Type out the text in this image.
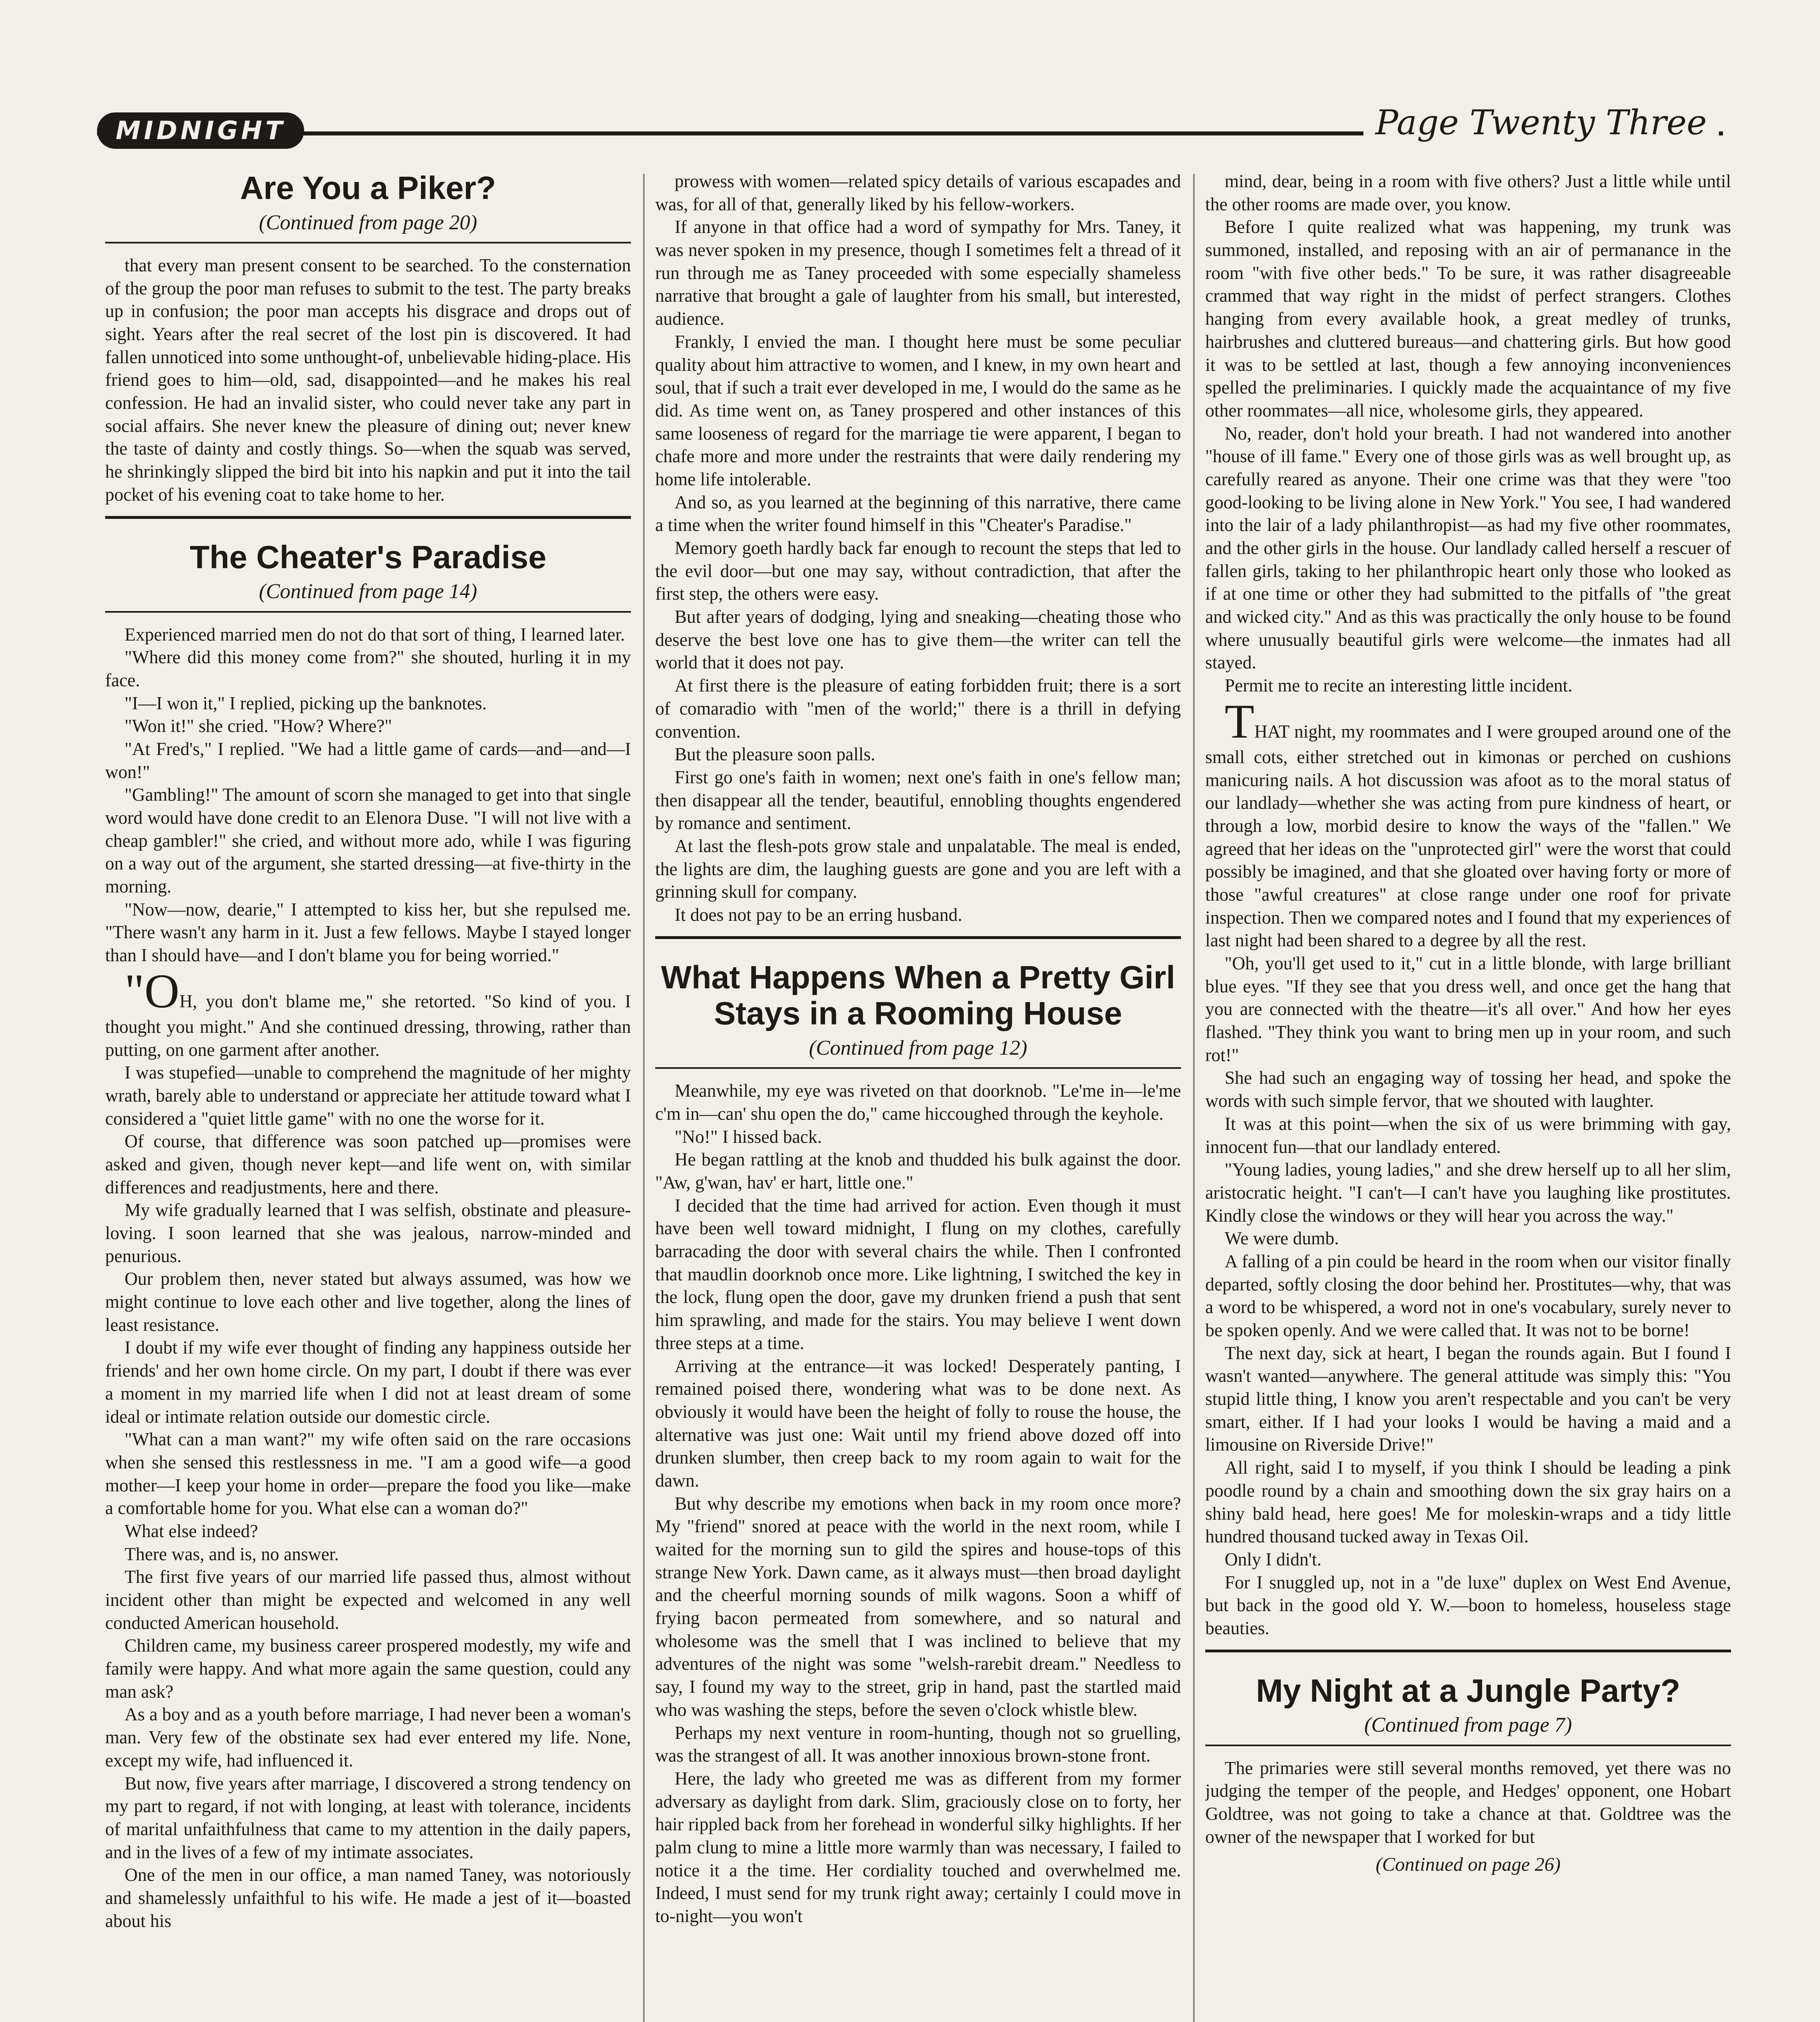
MIDNIGHT	Page Twenty Three
Are You a Piker?
(Continued from page 20)

that every man present consent to be searched. To the consternation of the group the poor man refuses to submit to the test. The party breaks up in confusion; the poor man accepts his disgrace and drops out of sight. Years after the real secret of the lost pin is discovered. It had fallen unnoticed into some unthought-of, unbelievable hiding-place. His friend goes to him—old, sad, disappointed—and he makes his real confession. He had an invalid sister, who could never take any part in social affairs. She never knew the pleasure of dining out; never knew the taste of dainty and costly things. So—when the squab was served, he shrinkingly slipped the bird bit into his napkin and put it into the tail pocket of his evening coat to take home to her.

The Cheater's Paradise
(Continued from page 14)

Experienced married men do not do that sort of thing, I learned later.

"Where did this money come from?" she shouted, hurling it in my face.

"I—I won it," I replied, picking up the banknotes.

"Won it!" she cried. "How? Where?"

"At Fred's," I replied. "We had a little game of cards—and—and—I won!"

"Gambling!" The amount of scorn she managed to get into that single word would have done credit to an Elenora Duse. "I will not live with a cheap gambler!" she cried, and without more ado, while I was figuring on a way out of the argument, she started dressing—at five-thirty in the morning.

"Now—now, dearie," I attempted to kiss her, but she repulsed me. "There wasn't any harm in it. Just a few fellows. Maybe I stayed longer than I should have—and I don't blame you for being worried."

"OH, you don't blame me," she retorted. "So kind of you. I thought you might." And she continued dressing, throwing, rather than putting, on one garment after another.

I was stupefied—unable to comprehend the magnitude of her mighty wrath, barely able to understand or appreciate her attitude toward what I considered a "quiet little game" with no one the worse for it.

Of course, that difference was soon patched up—promises were asked and given, though never kept—and life went on, with similar differences and readjustments, here and there.

My wife gradually learned that I was selfish, obstinate and pleasure-loving. I soon learned that she was jealous, narrow-minded and penurious.

Our problem then, never stated but always assumed, was how we might continue to love each other and live together, along the lines of least resistance.

I doubt if my wife ever thought of finding any happiness outside her friends' and her own home circle. On my part, I doubt if there was ever a moment in my married life when I did not at least dream of some ideal or intimate relation outside our domestic circle.

"What can a man want?" my wife often said on the rare occasions when she sensed this restlessness in me. "I am a good wife—a good mother—I keep your home in order—prepare the food you like—make a comfortable home for you. What else can a woman do?"

What else indeed?

There was, and is, no answer.

The first five years of our married life passed thus, almost without incident other than might be expected and welcomed in any well conducted American household.

Children came, my business career prospered modestly, my wife and family were happy. And what more again the same question, could any man ask?

As a boy and as a youth before marriage, I had never been a woman's man. Very few of the obstinate sex had ever entered my life. None, except my wife, had influenced it.

But now, five years after marriage, I discovered a strong tendency on my part to regard, if not with longing, at least with tolerance, incidents of marital unfaithfulness that came to my attention in the daily papers, and in the lives of a few of my intimate associates.

One of the men in our office, a man named Taney, was notoriously and shamelessly unfaithful to his wife. He made a jest of it—boasted about his

prowess with women—related spicy details of various escapades and was, for all of that, generally liked by his fellow-workers.

If anyone in that office had a word of sympathy for Mrs. Taney, it was never spoken in my presence, though I sometimes felt a thread of it run through me as Taney proceeded with some especially shameless narrative that brought a gale of laughter from his small, but interested, audience.

Frankly, I envied the man. I thought here must be some peculiar quality about him attractive to women, and I knew, in my own heart and soul, that if such a trait ever developed in me, I would do the same as he did. As time went on, as Taney prospered and other instances of this same looseness of regard for the marriage tie were apparent, I began to chafe more and more under the restraints that were daily rendering my home life intolerable.

And so, as you learned at the beginning of this narrative, there came a time when the writer found himself in this "Cheater's Paradise."

Memory goeth hardly back far enough to recount the steps that led to the evil door—but one may say, without contradiction, that after the first step, the others were easy.

But after years of dodging, lying and sneaking—cheating those who deserve the best love one has to give them—the writer can tell the world that it does not pay.

At first there is the pleasure of eating forbidden fruit; there is a sort of comaradio with "men of the world;" there is a thrill in defying convention.

But the pleasure soon palls.

First go one's faith in women; next one's faith in one's fellow man; then disappear all the tender, beautiful, ennobling thoughts engendered by romance and sentiment.

At last the flesh-pots grow stale and unpalatable. The meal is ended, the lights are dim, the laughing guests are gone and you are left with a grinning skull for company.

It does not pay to be an erring husband.

What Happens When a Pretty Girl Stays in a Rooming House
(Continued from page 12)

Meanwhile, my eye was riveted on that doorknob. "Le'me in—le'me c'm in—can' shu open the do," came hiccoughed through the keyhole.

"No!" I hissed back.

He began rattling at the knob and thudded his bulk against the door. "Aw, g'wan, hav' er hart, little one."

I decided that the time had arrived for action. Even though it must have been well toward midnight, I flung on my clothes, carefully barracading the door with several chairs the while. Then I confronted that maudlin doorknob once more. Like lightning, I switched the key in the lock, flung open the door, gave my drunken friend a push that sent him sprawling, and made for the stairs. You may believe I went down three steps at a time.

Arriving at the entrance—it was locked! Desperately panting, I remained poised there, wondering what was to be done next. As obviously it would have been the height of folly to rouse the house, the alternative was just one: Wait until my friend above dozed off into drunken slumber, then creep back to my room again to wait for the dawn.

But why describe my emotions when back in my room once more? My "friend" snored at peace with the world in the next room, while I waited for the morning sun to gild the spires and house-tops of this strange New York. Dawn came, as it always must—then broad daylight and the cheerful morning sounds of milk wagons. Soon a whiff of frying bacon permeated from somewhere, and so natural and wholesome was the smell that I was inclined to believe that my adventures of the night was some "welsh-rarebit dream." Needless to say, I found my way to the street, grip in hand, past the startled maid who was washing the steps, before the seven o'clock whistle blew.

Perhaps my next venture in room-hunting, though not so gruelling, was the strangest of all. It was another innoxious brown-stone front.

Here, the lady who greeted me was as different from my former adversary as daylight from dark. Slim, graciously close on to forty, her hair rippled back from her forehead in wonderful silky highlights. If her palm clung to mine a little more warmly than was necessary, I failed to notice it a the time. Her cordiality touched and overwhelmed me. Indeed, I must send for my trunk right away; certainly I could move in to-night—you won't

mind, dear, being in a room with five others? Just a little while until the other rooms are made over, you know.

Before I quite realized what was happening, my trunk was summoned, installed, and reposing with an air of permanance in the room "with five other beds." To be sure, it was rather disagreeable crammed that way right in the midst of perfect strangers. Clothes hanging from every available hook, a great medley of trunks, hairbrushes and cluttered bureaus—and chattering girls. But how good it was to be settled at last, though a few annoying inconveniences spelled the preliminaries. I quickly made the acquaintance of my five other roommates—all nice, wholesome girls, they appeared.

No, reader, don't hold your breath. I had not wandered into another "house of ill fame." Every one of those girls was as well brought up, as carefully reared as anyone. Their one crime was that they were "too good-looking to be living alone in New York." You see, I had wandered into the lair of a lady philanthropist—as had my five other roommates, and the other girls in the house. Our landlady called herself a rescuer of fallen girls, taking to her philanthropic heart only those who looked as if at one time or other they had submitted to the pitfalls of "the great and wicked city." And as this was practically the only house to be found where unusually beautiful girls were welcome—the inmates had all stayed.

Permit me to recite an interesting little incident.

THAT night, my roommates and I were grouped around one of the small cots, either stretched out in kimonas or perched on cushions manicuring nails. A hot discussion was afoot as to the moral status of our landlady—whether she was acting from pure kindness of heart, or through a low, morbid desire to know the ways of the "fallen." We agreed that her ideas on the "unprotected girl" were the worst that could possibly be imagined, and that she gloated over having forty or more of those "awful creatures" at close range under one roof for private inspection. Then we compared notes and I found that my experiences of last night had been shared to a degree by all the rest.

"Oh, you'll get used to it," cut in a little blonde, with large brilliant blue eyes. "If they see that you dress well, and once get the hang that you are connected with the theatre—it's all over." And how her eyes flashed. "They think you want to bring men up in your room, and such rot!"

She had such an engaging way of tossing her head, and spoke the words with such simple fervor, that we shouted with laughter.

It was at this point—when the six of us were brimming with gay, innocent fun—that our landlady entered.

"Young ladies, young ladies," and she drew herself up to all her slim, aristocratic height. "I can't—I can't have you laughing like prostitutes. Kindly close the windows or they will hear you across the way."

We were dumb.

A falling of a pin could be heard in the room when our visitor finally departed, softly closing the door behind her. Prostitutes—why, that was a word to be whispered, a word not in one's vocabulary, surely never to be spoken openly. And we were called that. It was not to be borne!

The next day, sick at heart, I began the rounds again. But I found I wasn't wanted—anywhere. The general attitude was simply this: "You stupid little thing, I know you aren't respectable and you can't be very smart, either. If I had your looks I would be having a maid and a limousine on Riverside Drive!"

All right, said I to myself, if you think I should be leading a pink poodle round by a chain and smoothing down the six gray hairs on a shiny bald head, here goes! Me for moleskin-wraps and a tidy little hundred thousand tucked away in Texas Oil.

Only I didn't.

For I snuggled up, not in a "de luxe" duplex on West End Avenue, but back in the good old Y. W.—boon to homeless, houseless stage beauties.

My Night at a Jungle Party?
(Continued from page 7)

The primaries were still several months removed, yet there was no judging the temper of the people, and Hedges' opponent, one Hobart Goldtree, was not going to take a chance at that. Goldtree was the owner of the newspaper that I worked for but

(Continued on page 26)
